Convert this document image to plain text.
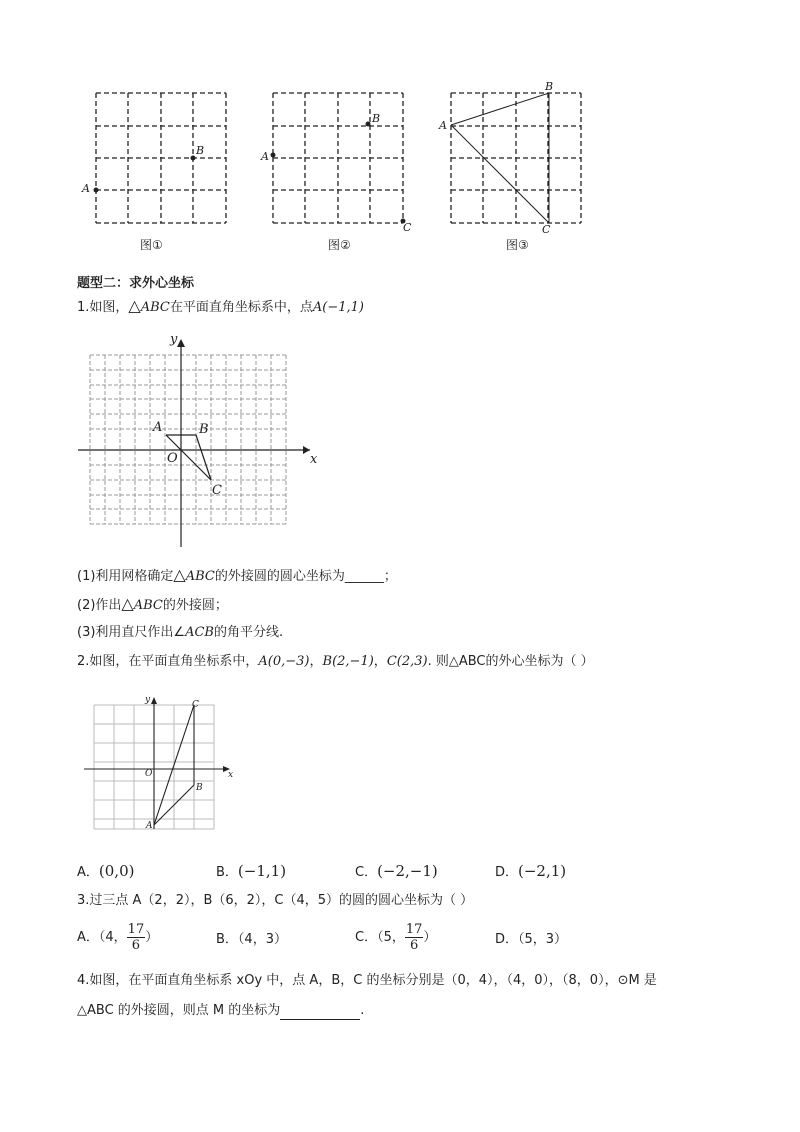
A
B
图①
A
B
C
图②
A
B
C
图③
题型二：求外心坐标
1.如图，△ABC在平面直角坐标系中，点A(−1,1)
y
x
O
A	B
C
(1)利用网格确定△ABC的外接圆的圆心坐标为______；
(2)作出△ABC的外接圆；
(3)利用直尺作出∠ACB的角平分线.
2.如图，在平面直角坐标系中，A(0,−3)，B(2,−1)，C(2,3). 则△ABC的外心坐标为（ ）
y
x
O
A
B
C
A．(0,0)	B．(−1,1)	C．(−2,−1)	D．(−2,1)
3.过三点 A（2，2），B（6，2），C（4，5）的圆的圆心坐标为（ ）
A．（4， $\frac{17}{6}$ ）	B．（4，3）	C．（5， $\frac{17}{6}$ ）	D．（5，3）
4.如图，在平面直角坐标系 xOy 中，点 A，B，C 的坐标分别是（0，4），（4，0），（8，0），⊙M 是
△ABC 的外接圆，则点 M 的坐标为	.
